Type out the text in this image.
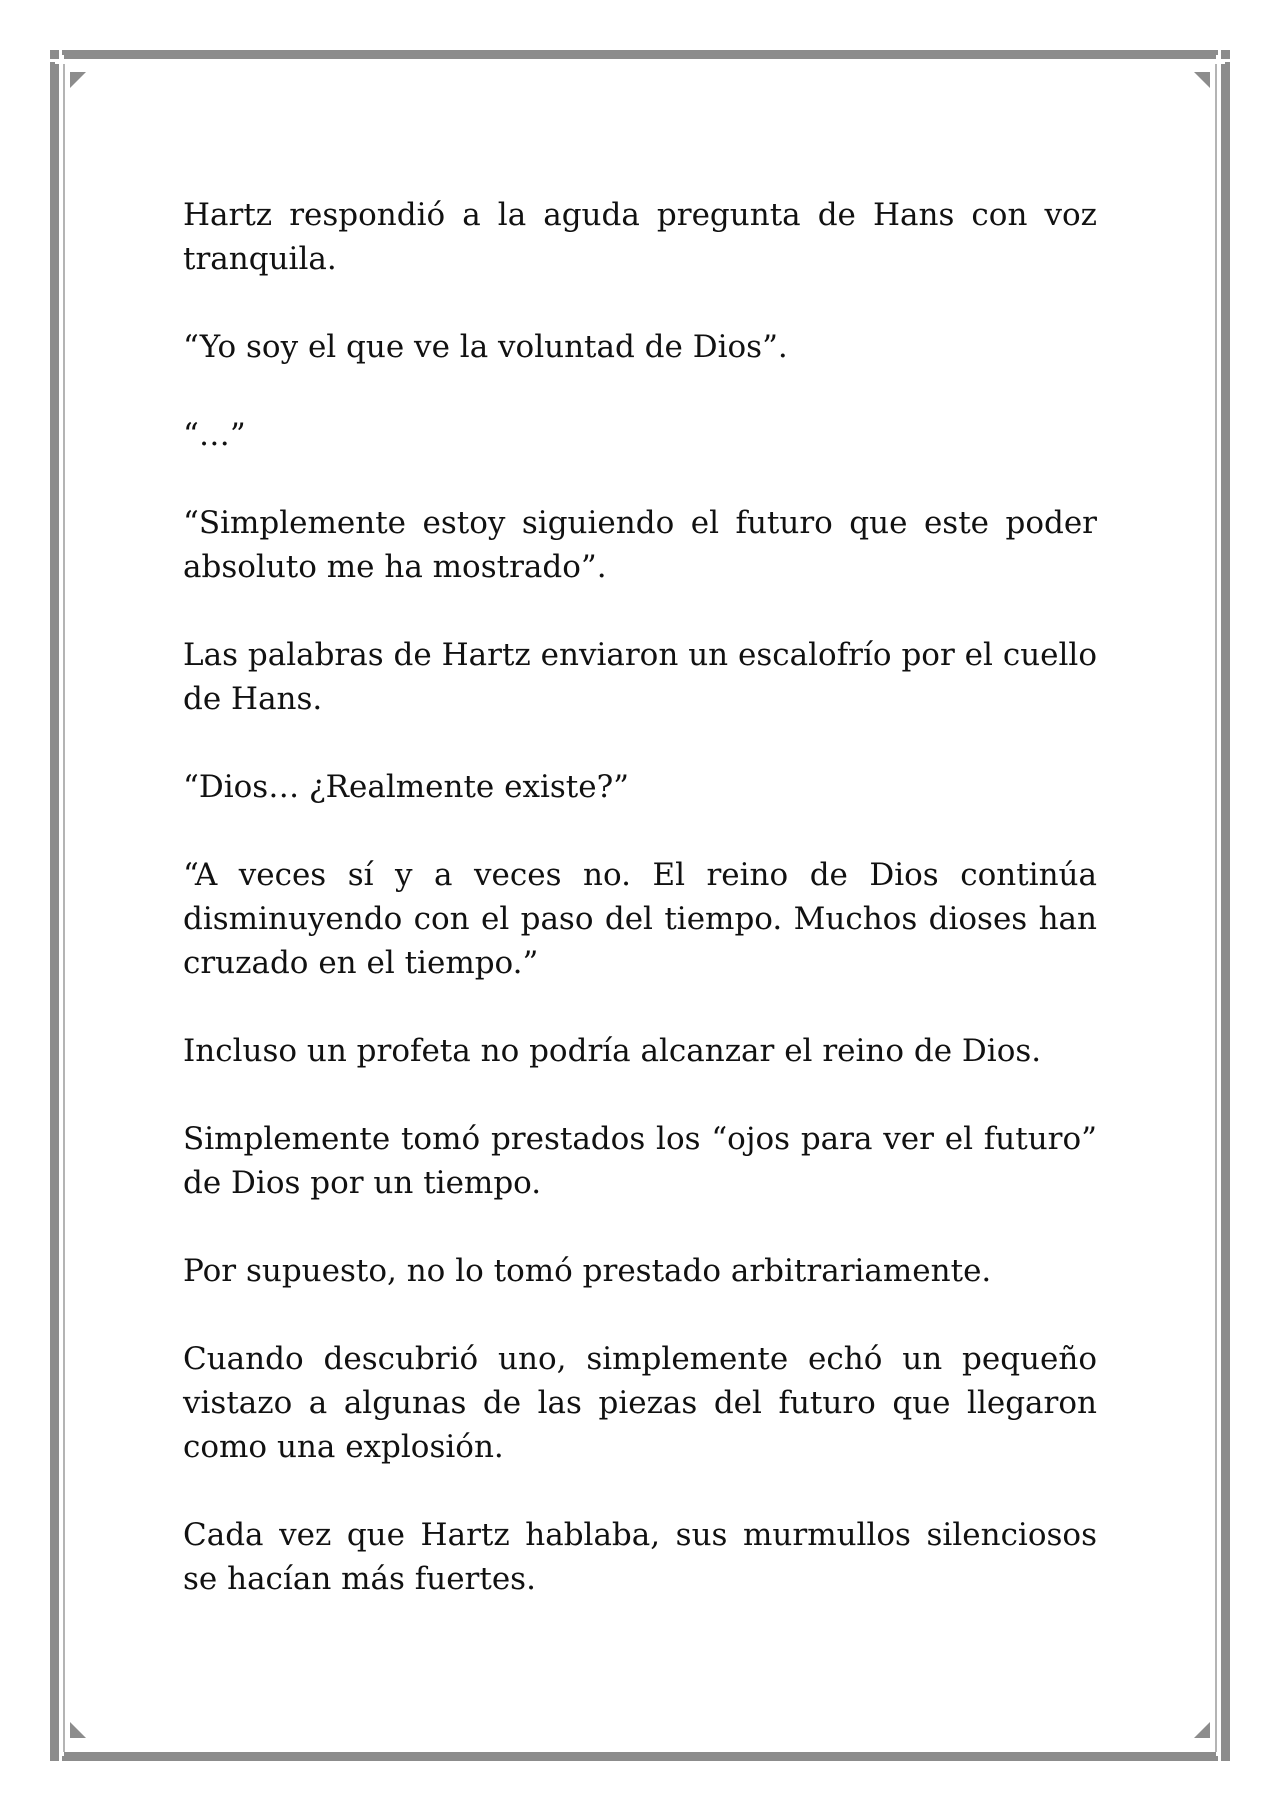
Hartz respondió a la aguda pregunta de Hans con voz tranquila.

“Yo soy el que ve la voluntad de Dios”.

“…”

“Simplemente estoy siguiendo el futuro que este poder absoluto me ha mostrado”.

Las palabras de Hartz enviaron un escalofrío por el cuello de Hans.

“Dios… ¿Realmente existe?”

“A veces sí y a veces no. El reino de Dios continúa disminuyendo con el paso del tiempo. Muchos dioses han cruzado en el tiempo.”

Incluso un profeta no podría alcanzar el reino de Dios.

Simplemente tomó prestados los “ojos para ver el futuro” de Dios por un tiempo.

Por supuesto, no lo tomó prestado arbitrariamente.

Cuando descubrió uno, simplemente echó un pequeño vistazo a algunas de las piezas del futuro que llegaron como una explosión.

Cada vez que Hartz hablaba, sus murmullos silenciosos se hacían más fuertes.
